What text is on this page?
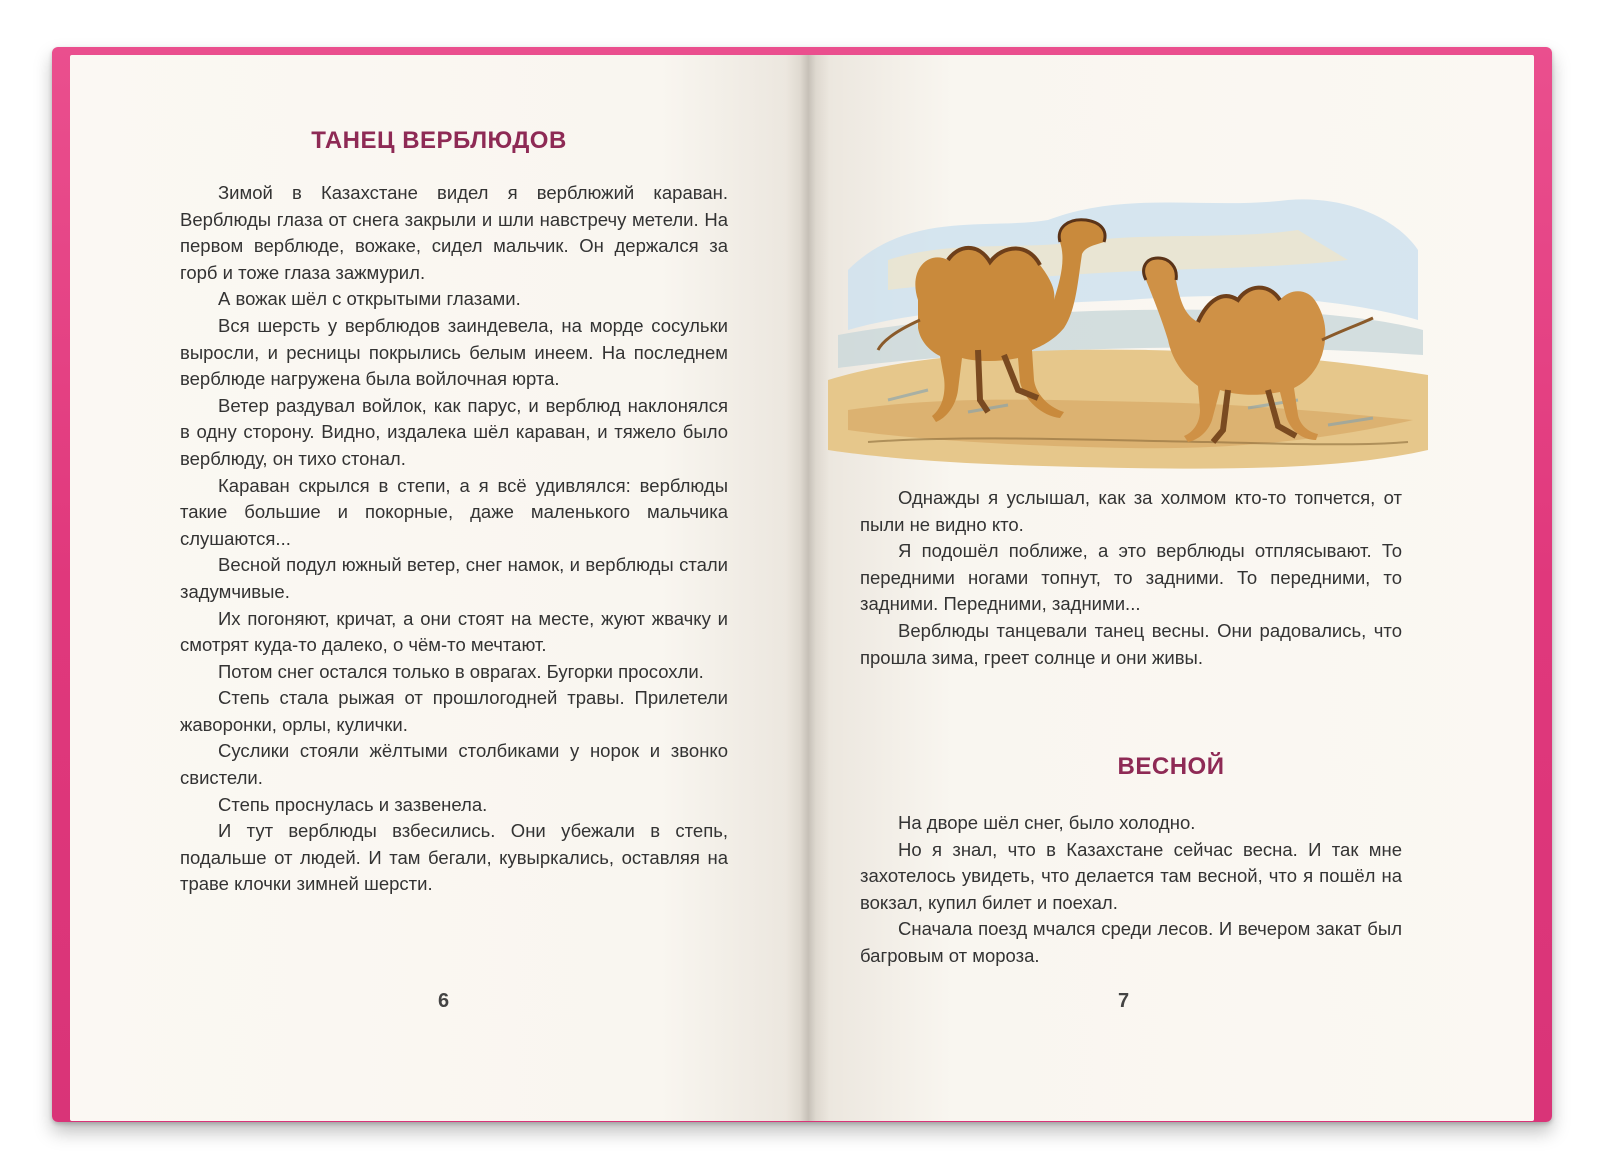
ТАНЕЦ ВЕРБЛЮДОВ

Зимой в Казахстане видел я верблюжий караван. Верблюды глаза от снега закрыли и шли навстречу метели. На первом верблюде, вожаке, сидел мальчик. Он держался за горб и тоже глаза зажмурил.

А вожак шёл с открытыми глазами.

Вся шерсть у верблюдов заиндевела, на морде сосульки выросли, и ресницы покрылись белым инеем. На последнем верблюде нагружена была войлочная юрта.

Ветер раздувал войлок, как парус, и верблюд наклонялся в одну сторону. Видно, издалека шёл караван, и тяжело было верблюду, он тихо стонал.

Караван скрылся в степи, а я всё удивлялся: верблюды такие большие и покорные, даже маленького мальчика слушаются...

Весной подул южный ветер, снег намок, и верблюды стали задумчивые.

Их погоняют, кричат, а они стоят на месте, жуют жвачку и смотрят куда-то далеко, о чём-то мечтают.

Потом снег остался только в оврагах. Бугорки просохли.

Степь стала рыжая от прошлогодней травы. Прилетели жаворонки, орлы, кулички.

Суслики стояли жёлтыми столбиками у норок и звонко свистели.

Степь проснулась и зазвенела.

И тут верблюды взбесились. Они убежали в степь, подальше от людей. И там бегали, кувыркались, оставляя на траве клочки зимней шерсти.

6

Однажды я услышал, как за холмом кто-то топчется, от пыли не видно кто.

Я подошёл поближе, а это верблюды отплясывают. То передними ногами топнут, то задними. То передними, то задними. Передними, задними...

Верблюды танцевали танец весны. Они радовались, что прошла зима, греет солнце и они живы.

ВЕСНОЙ

На дворе шёл снег, было холодно.

Но я знал, что в Казахстане сейчас весна. И так мне захотелось увидеть, что делается там весной, что я пошёл на вокзал, купил билет и поехал.

Сначала поезд мчался среди лесов. И вечером закат был багровым от мороза.

7
